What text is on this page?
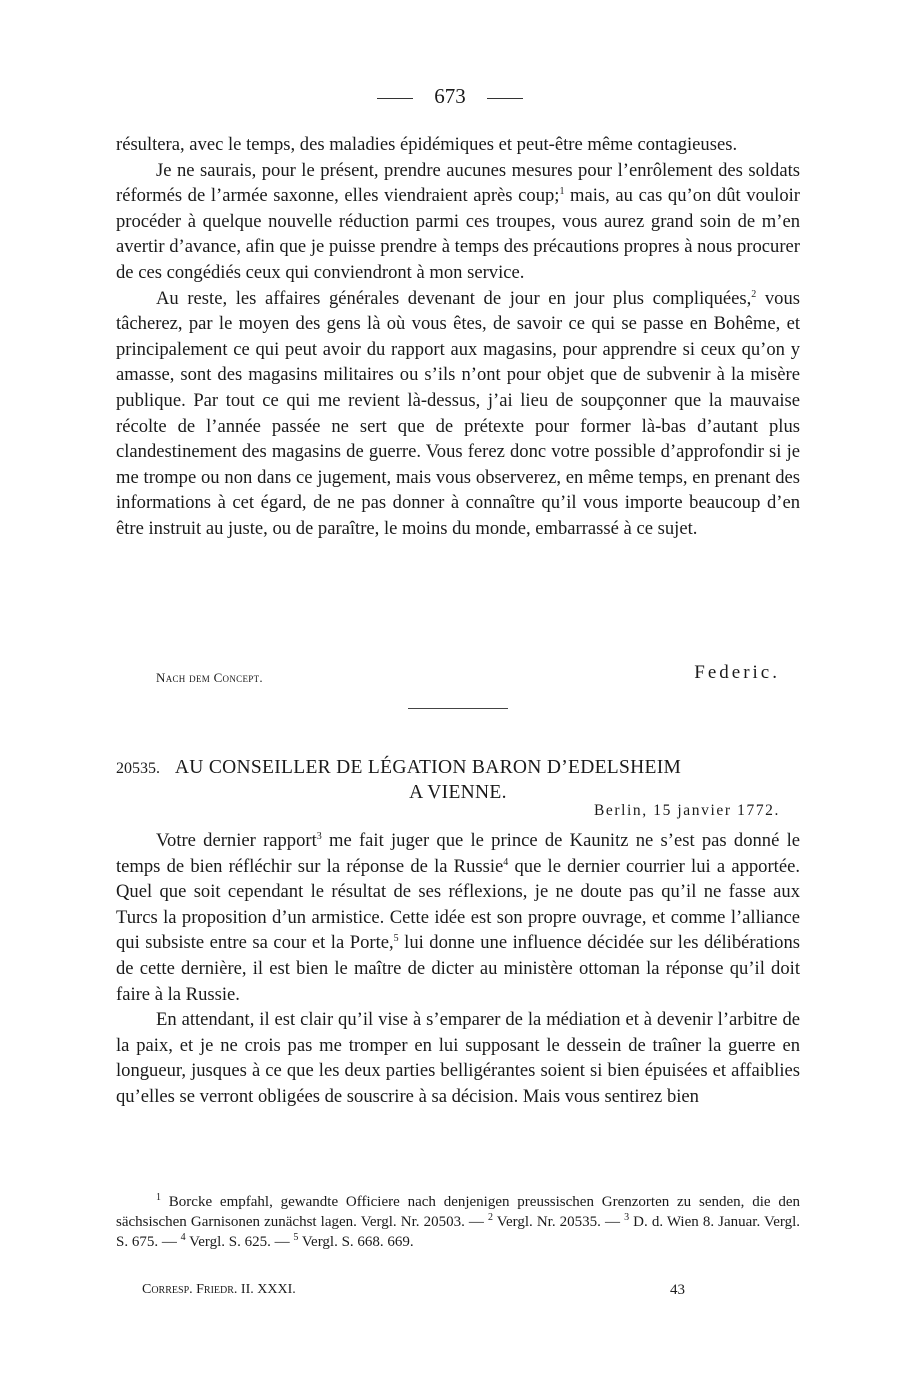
673

résultera, avec le temps, des maladies épidémiques et peut-être même contagieuses.

Je ne saurais, pour le présent, prendre aucunes mesures pour l’enrôlement des soldats réformés de l’armée saxonne, elles viendraient après coup;$^1$ mais, au cas qu’on dût vouloir procéder à quelque nouvelle réduction parmi ces troupes, vous aurez grand soin de m’en avertir d’avance, afin que je puisse prendre à temps des précautions propres à nous procurer de ces congédiés ceux qui conviendront à mon service.

Au reste, les affaires générales devenant de jour en jour plus compliquées,$^2$ vous tâcherez, par le moyen des gens là où vous êtes, de savoir ce qui se passe en Bohême, et principalement ce qui peut avoir du rapport aux magasins, pour apprendre si ceux qu’on y amasse, sont des magasins militaires ou s’ils n’ont pour objet que de subvenir à la misère publique. Par tout ce qui me revient là-dessus, j’ai lieu de soupçonner que la mauvaise récolte de l’année passée ne sert que de prétexte pour former là-bas d’autant plus clandestinement des magasins de guerre. Vous ferez donc votre possible d’approfondir si je me trompe ou non dans ce jugement, mais vous observerez, en même temps, en prenant des informations à cet égard, de ne pas donner à connaître qu’il vous importe beaucoup d’en être instruit au juste, ou de paraître, le moins du monde, embarrassé à ce sujet.

Nach dem Concept.	Federic.
20535. AU CONSEILLER DE LÉGATION BARON D’EDELSHEIM
A VIENNE.
Berlin, 15 janvier 1772.

Votre dernier rapport$^3$ me fait juger que le prince de Kaunitz ne s’est pas donné le temps de bien réfléchir sur la réponse de la Russie$^4$ que le dernier courrier lui a apportée. Quel que soit cependant le résultat de ses réflexions, je ne doute pas qu’il ne fasse aux Turcs la proposition d’un armistice. Cette idée est son propre ouvrage, et comme l’alliance qui subsiste entre sa cour et la Porte,$^5$ lui donne une influence décidée sur les délibérations de cette dernière, il est bien le maître de dicter au ministère ottoman la réponse qu’il doit faire à la Russie.

En attendant, il est clair qu’il vise à s’emparer de la médiation et à devenir l’arbitre de la paix, et je ne crois pas me tromper en lui supposant le dessein de traîner la guerre en longueur, jusques à ce que les deux parties belligérantes soient si bien épuisées et affaiblies qu’elles se verront obligées de souscrire à sa décision. Mais vous sentirez bien

$^1$ Borcke empfahl, gewandte Officiere nach denjenigen preussischen Grenzorten zu senden, die den sächsischen Garnisonen zunächst lagen. Vergl. Nr. 20503. — $^2$ Vergl. Nr. 20535. — $^3$ D. d. Wien 8. Januar. Vergl. S. 675. — $^4$ Vergl. S. 625. — $^5$ Vergl. S. 668. 669.

Corresp. Friedr. II. XXXI.	43
